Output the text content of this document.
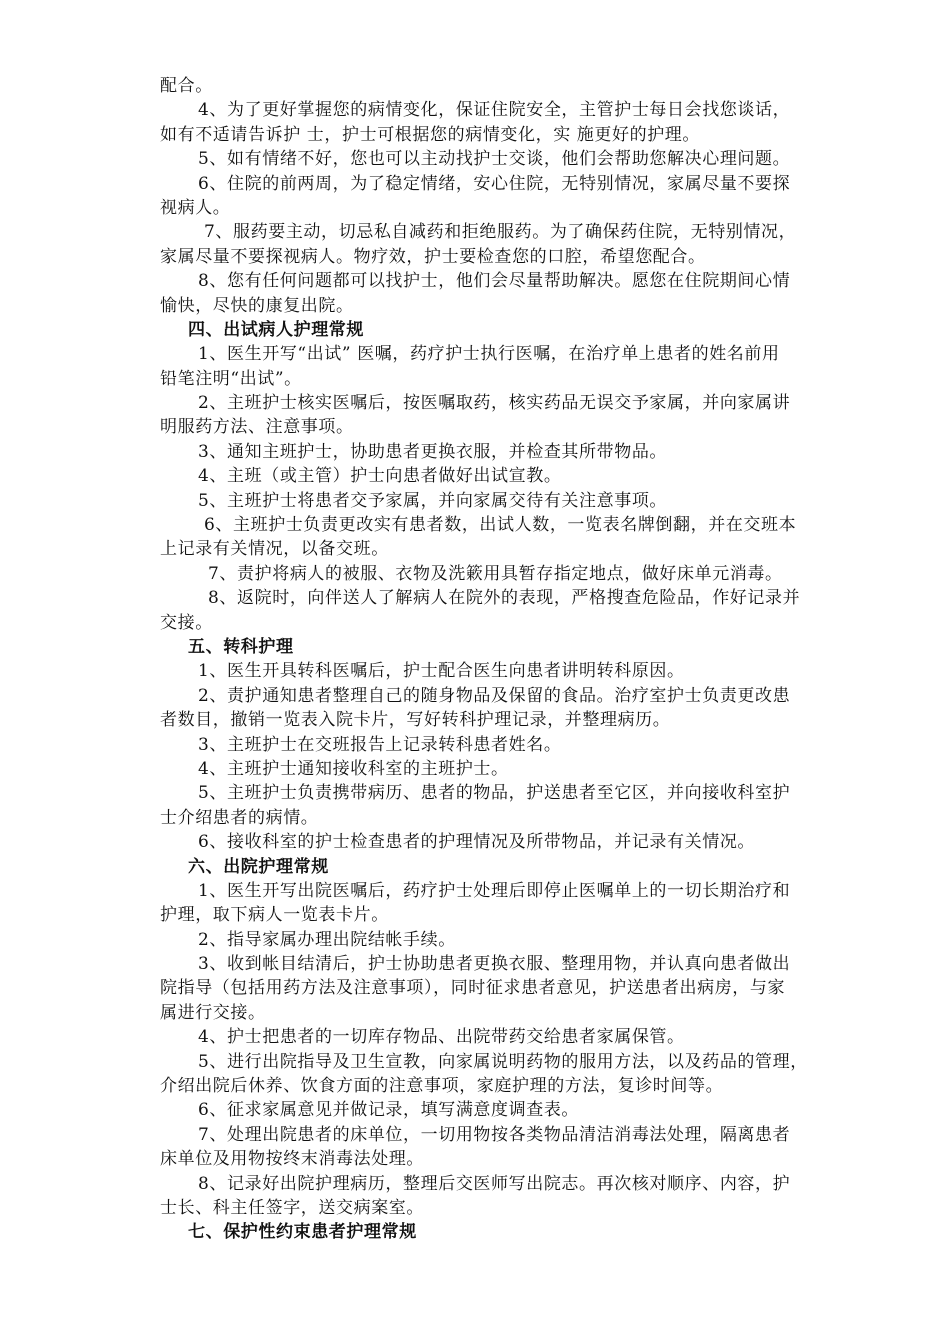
配合。

4、为了更好掌握您的病情变化，保证住院安全，主管护士每日会找您谈话，

如有不适请告诉护 士，护士可根据您的病情变化，实 施更好的护理。

5、如有情绪不好，您也可以主动找护士交谈，他们会帮助您解决心理问题。

6、住院的前两周，为了稳定情绪，安心住院，无特别情况，家属尽量不要探

视病人。

7、服药要主动，切忌私自减药和拒绝服药。为了确保药住院，无特别情况，

家属尽量不要探视病人。物疗效，护士要检查您的口腔，希望您配合。

8、您有任何问题都可以找护士，他们会尽量帮助解决。愿您在住院期间心情

愉快，尽快的康复出院。

四、出试病人护理常规

1、医生开写“出试” 医嘱，药疗护士执行医嘱，在治疗单上患者的姓名前用

铅笔注明“出试”。

2、主班护士核实医嘱后，按医嘱取药，核实药品无误交予家属，并向家属讲

明服药方法、注意事项。

3、通知主班护士，协助患者更换衣服，并检查其所带物品。

4、主班（或主管）护士向患者做好出试宣教。

5、主班护士将患者交予家属，并向家属交待有关注意事项。

6、主班护士负责更改实有患者数，出试人数，一览表名牌倒翻，并在交班本

上记录有关情况，以备交班。

7、责护将病人的被服、衣物及洗簌用具暂存指定地点，做好床单元消毒。

8、返院时，向伴送人了解病人在院外的表现，严格搜查危险品，作好记录并

交接。

五、转科护理

1、医生开具转科医嘱后，护士配合医生向患者讲明转科原因。

2、责护通知患者整理自己的随身物品及保留的食品。治疗室护士负责更改患

者数目，撤销一览表入院卡片，写好转科护理记录，并整理病历。

3、主班护士在交班报告上记录转科患者姓名。

4、主班护士通知接收科室的主班护士。

5、主班护士负责携带病历、患者的物品，护送患者至它区，并向接收科室护

士介绍患者的病情。

6、接收科室的护士检查患者的护理情况及所带物品，并记录有关情况。

六、出院护理常规

1、医生开写出院医嘱后，药疗护士处理后即停止医嘱单上的一切长期治疗和

护理，取下病人一览表卡片。

2、指导家属办理出院结帐手续。

3、收到帐目结清后，护士协助患者更换衣服、整理用物，并认真向患者做出

院指导（包括用药方法及注意事项），同时征求患者意见，护送患者出病房，与家

属进行交接。

4、护士把患者的一切库存物品、出院带药交给患者家属保管。

5、进行出院指导及卫生宣教，向家属说明药物的服用方法，以及药品的管理，

介绍出院后休养、饮食方面的注意事项，家庭护理的方法，复诊时间等。

6、征求家属意见并做记录，填写满意度调查表。

7、处理出院患者的床单位，一切用物按各类物品清洁消毒法处理，隔离患者

床单位及用物按终末消毒法处理。

8、记录好出院护理病历，整理后交医师写出院志。再次核对顺序、内容，护

士长、科主任签字，送交病案室。

七、保护性约束患者护理常规
